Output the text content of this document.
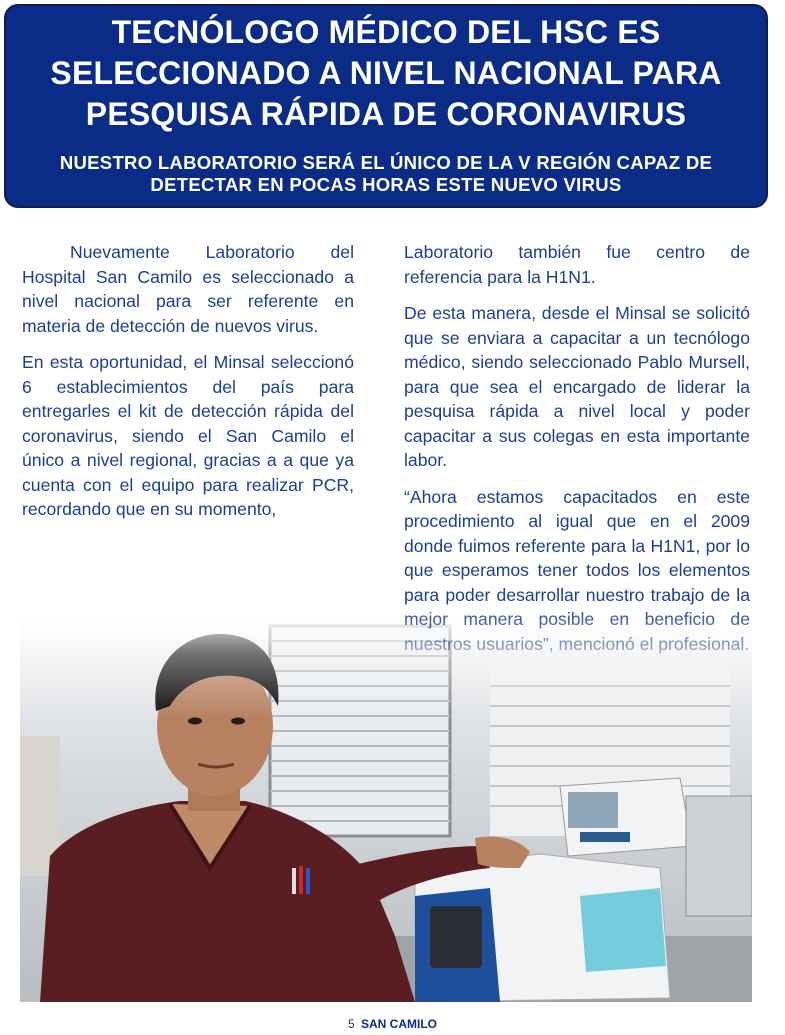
TECNÓLOGO MÉDICO DEL HSC ES SELECCIONADO A NIVEL NACIONAL PARA PESQUISA RÁPIDA DE CORONAVIRUS
NUESTRO LABORATORIO SERÁ EL ÚNICO DE LA V REGIÓN CAPAZ DE DETECTAR EN POCAS HORAS ESTE NUEVO VIRUS

Nuevamente Laboratorio del Hospital San Camilo es seleccionado a nivel nacional para ser referente en materia de detección de nuevos virus.

En esta oportunidad, el Minsal seleccionó 6 establecimientos del país para entregarles el kit de detección rápida del coronavirus, siendo el San Camilo el único a nivel regional, gracias a a que ya cuenta con el equipo para realizar PCR, recordando que en su momento,

Laboratorio también fue centro de referencia para la H1N1.

De esta manera, desde el Minsal se solicitó que se enviara a capacitar a un tecnólogo médico, siendo seleccionado Pablo Mursell, para que sea el encargado de liderar la pesquisa rápida a nivel local y poder capacitar a sus colegas en esta importante labor.

“Ahora estamos capacitados en este procedimiento al igual que en el 2009 donde fuimos referente para la H1N1, por lo que esperamos tener todos los elementos para poder desarrollar nuestro trabajo de la

5 SAN CAMILO
